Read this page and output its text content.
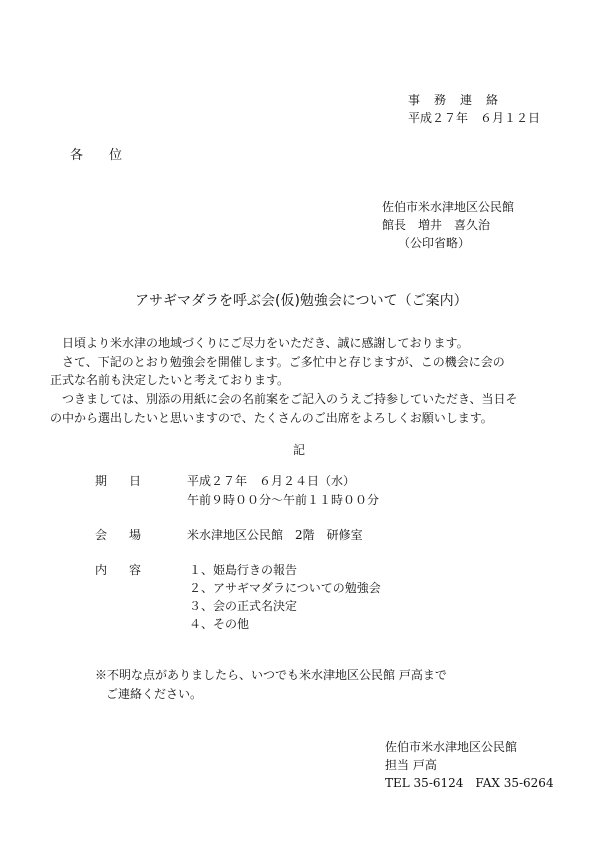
事　務　連　絡
平成２７年　６月１２日
各　　位
佐伯市米水津地区公民館
館長　増井　喜久治
（公印省略）
アサギマダラを呼ぶ会(仮)勉強会について（ご案内）
日頃より米水津の地域づくりにご尽力をいただき、誠に感謝しております。
さて、下記のとおり勉強会を開催します。ご多忙中と存じますが、この機会に会の
正式な名前も決定したいと考えております。
つきましては、別添の用紙に会の名前案をご記入のうえご持参していただき、当日そ
の中から選出したいと思いますので、たくさんのご出席をよろしくお願いします。
記
期日 平成２７年　６月２４日（水）
午前９時００分～午前１１時００分
会場 米水津地区公民館　2階　研修室
内容 １、姫島行きの報告
２、アサギマダラについての勉強会
３、会の正式名決定
４、その他
※不明な点がありましたら、いつでも米水津地区公民館 戸高まで
ご連絡ください。
佐伯市米水津地区公民館
担当 戸高
TEL 35-6124　FAX 35-6264
